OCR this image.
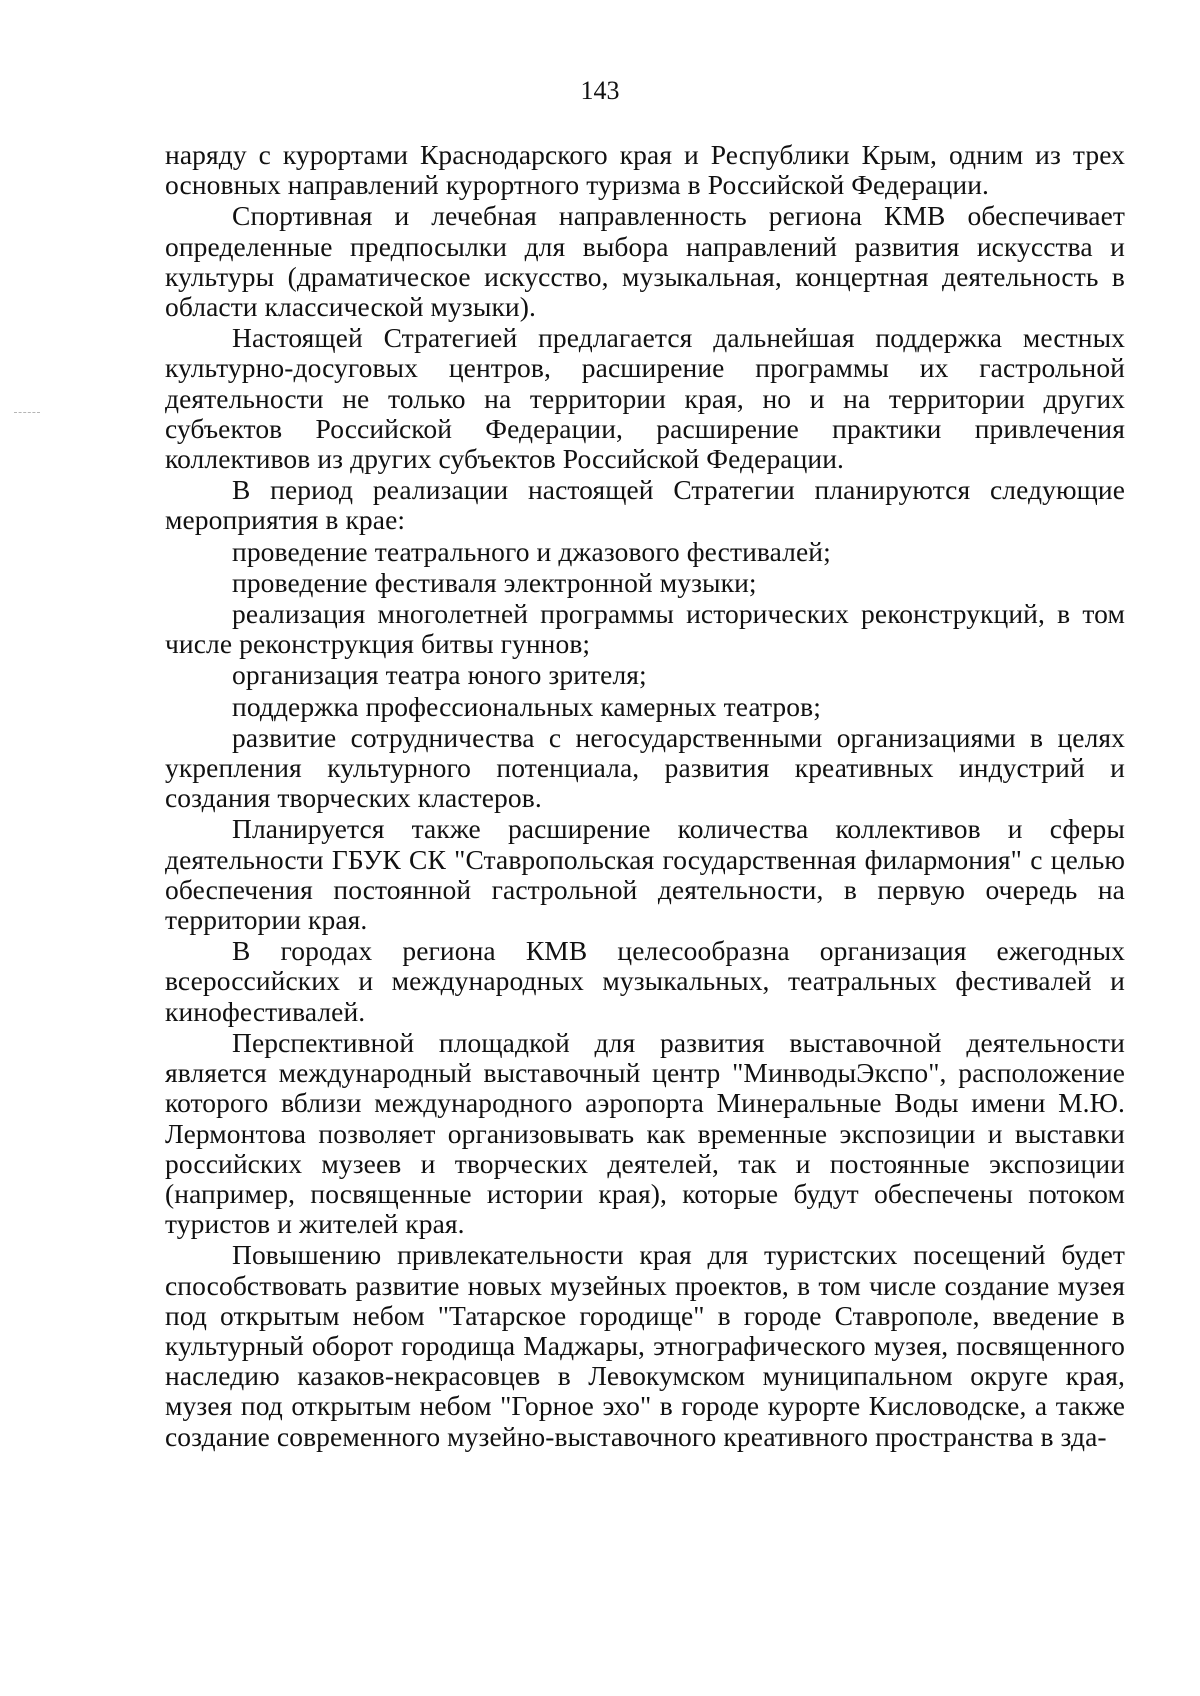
143

наряду с курортами Краснодарского края и Республики Крым, одним из трех основных направлений курортного туризма в Российской Федерации.

Спортивная и лечебная направленность региона КМВ обеспечивает определенные предпосылки для выбора направлений развития искусства и культуры (драматическое искусство, музыкальная, концертная деятельность в области классической музыки).

Настоящей Стратегией предлагается дальнейшая поддержка местных культурно-досуговых центров, расширение программы их гастрольной деятельности не только на территории края, но и на территории других субъектов Российской Федерации, расширение практики привлечения коллективов из других субъектов Российской Федерации.

В период реализации настоящей Стратегии планируются следующие мероприятия в крае:

проведение театрального и джазового фестивалей;

проведение фестиваля электронной музыки;

реализация многолетней программы исторических реконструкций, в том числе реконструкция битвы гуннов;

организация театра юного зрителя;

поддержка профессиональных камерных театров;

развитие сотрудничества с негосударственными организациями в целях укрепления культурного потенциала, развития креативных индустрий и создания творческих кластеров.

Планируется также расширение количества коллективов и сферы деятельности ГБУК СК "Ставропольская государственная филармония" с целью обеспечения постоянной гастрольной деятельности, в первую очередь на территории края.

В городах региона КМВ целесообразна организация ежегодных всероссийских и международных музыкальных, театральных фестивалей и кинофестивалей.

Перспективной площадкой для развития выставочной деятельности является международный выставочный центр "МинводыЭкспо", расположение которого вблизи международного аэропорта Минеральные Воды имени М.Ю. Лермонтова позволяет организовывать как временные экспозиции и выставки российских музеев и творческих деятелей, так и постоянные экспозиции (например, посвященные истории края), которые будут обеспечены потоком туристов и жителей края.

Повышению привлекательности края для туристских посещений будет способствовать развитие новых музейных проектов, в том числе создание музея под открытым небом "Татарское городище" в городе Ставрополе, введение в культурный оборот городища Маджары, этнографического музея, посвященного наследию казаков-некрасовцев в Левокумском муниципальном округе края, музея под открытым небом "Горное эхо" в городе курорте Кисловодске, а также создание современного музейно-выставочного креативного пространства в зда-
